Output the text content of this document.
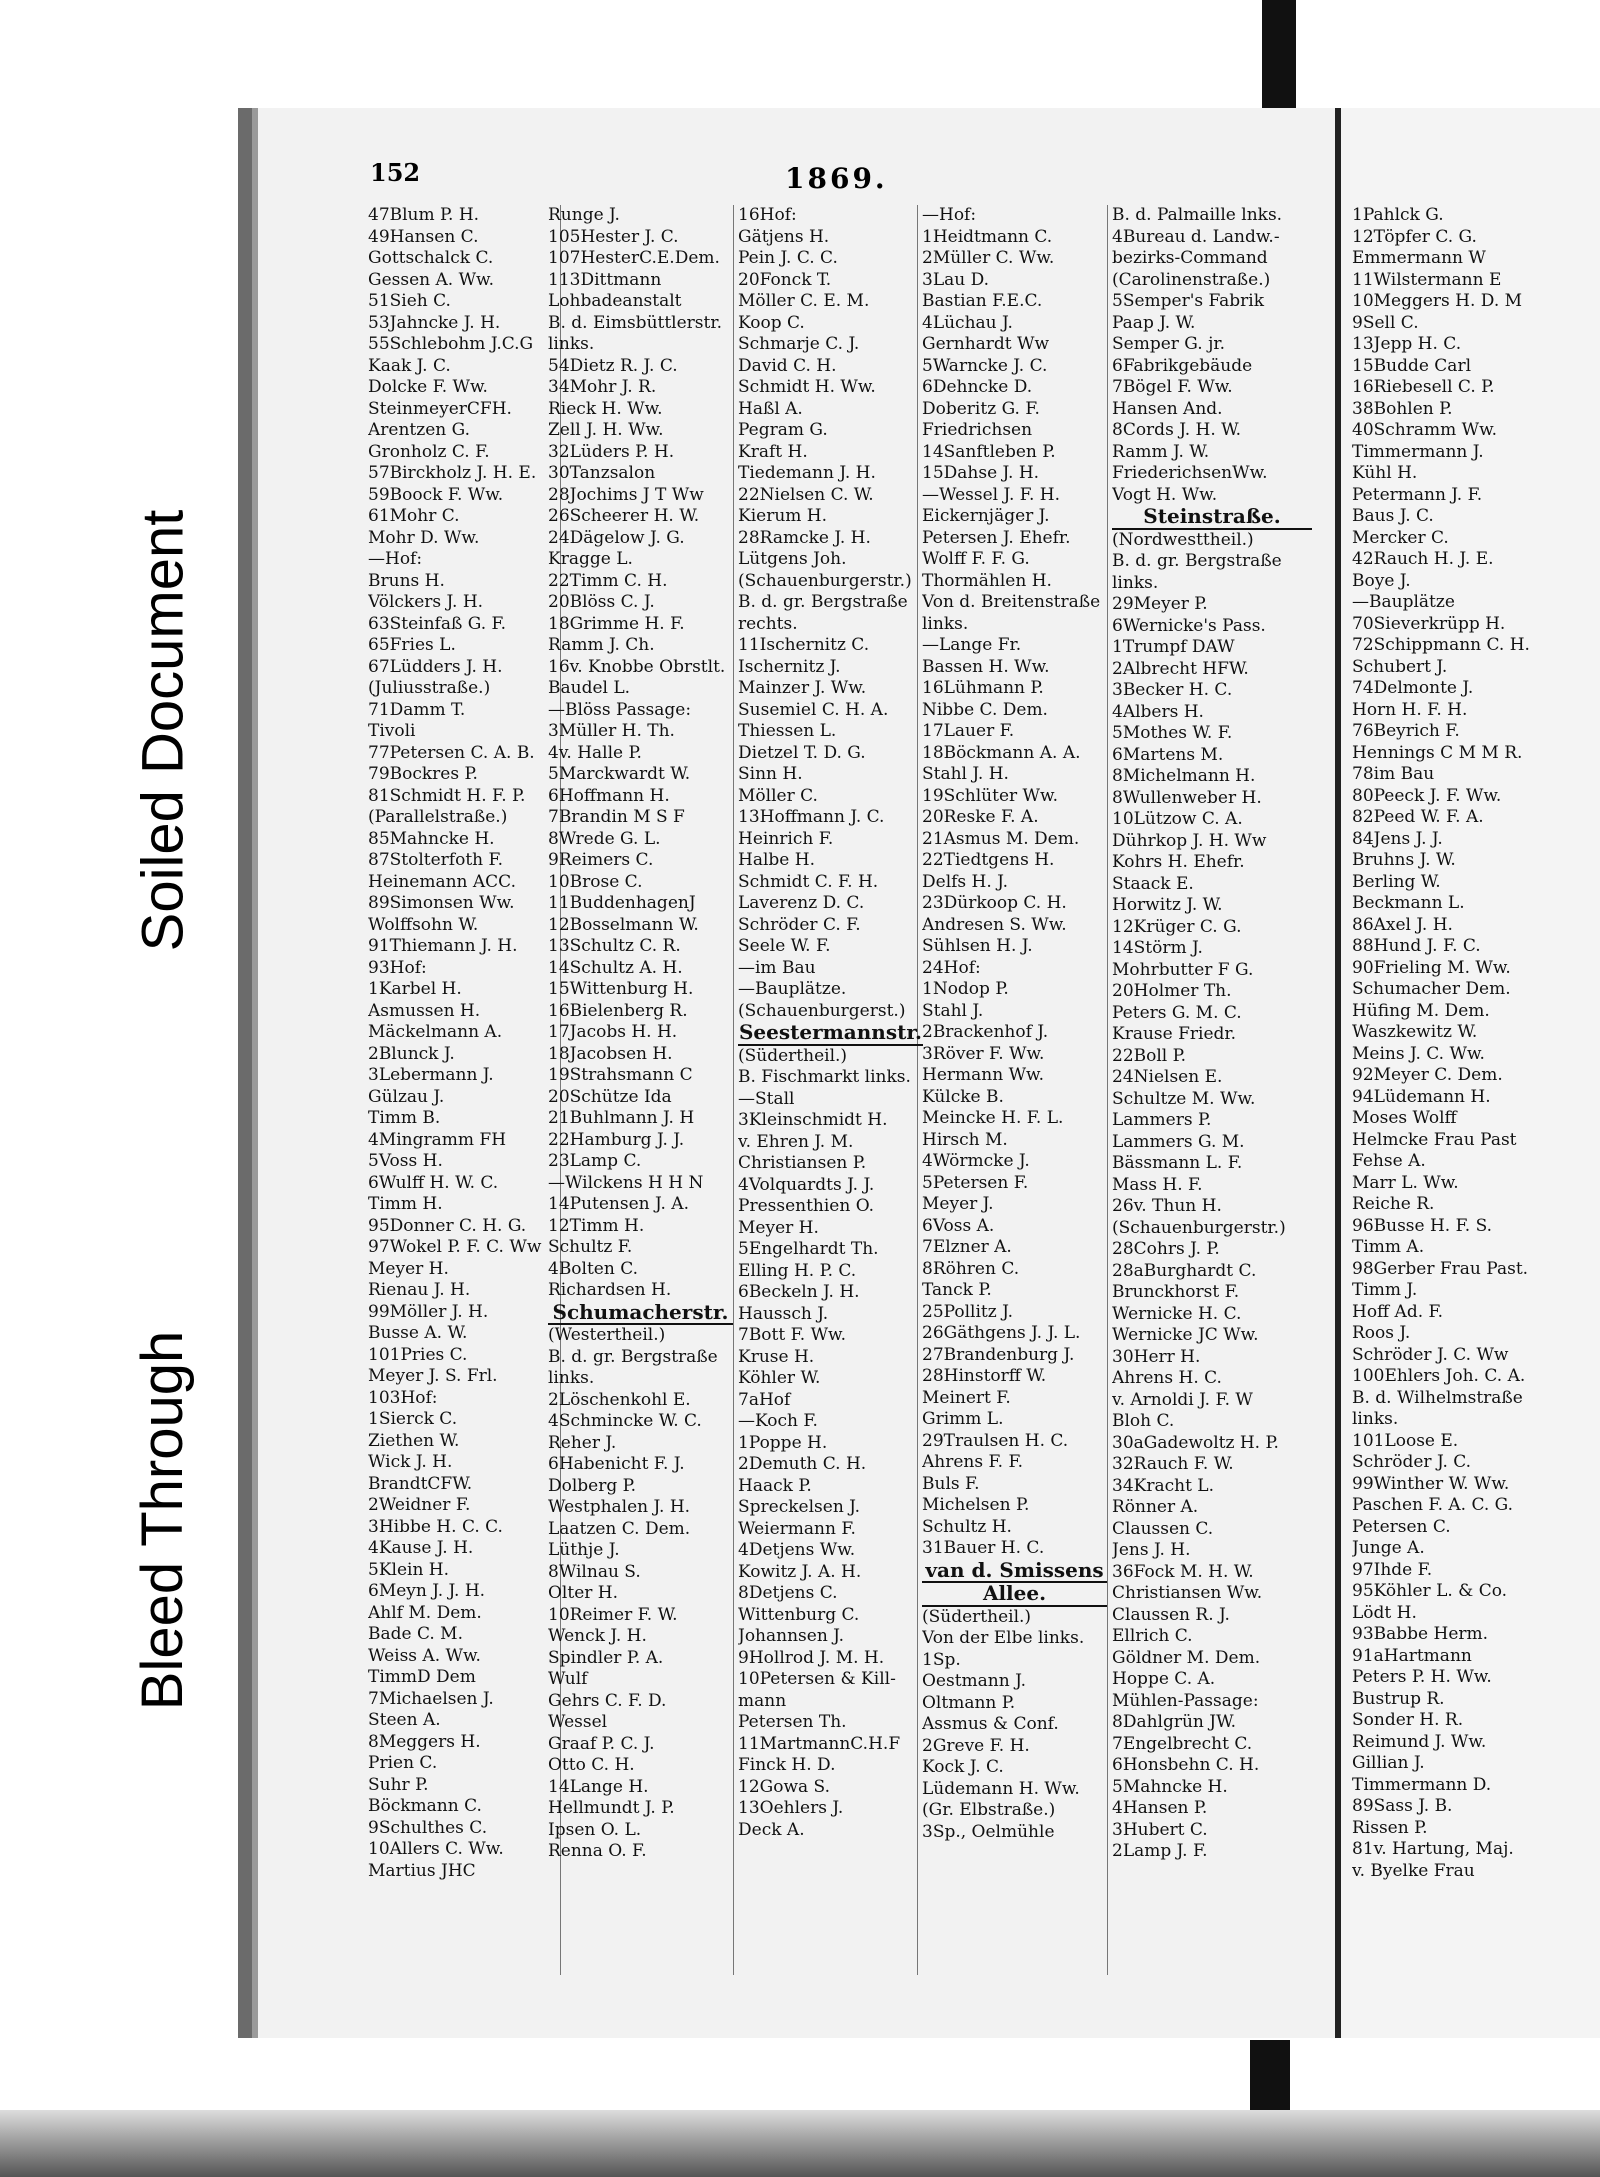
Soiled Document
Bleed Through
152	1869.
47Blum P. H.
49Hansen C.
Gottschalck C.
Gessen A. Ww.
51Sieh C.
53Jahncke J. H.
55Schlebohm J.C.G
Kaak J. C.
Dolcke F. Ww.
SteinmeyerCFH.
Arentzen G.
Gronholz C. F.
57Birckholz J. H. E.
59Boock F. Ww.
61Mohr C.
Mohr D. Ww.
—Hof:
Bruns H.
Völckers J. H.
63Steinfaß G. F.
65Fries L.
67Lüdders J. H.
(Juliusstraße.)
71Damm T.
Tivoli
77Petersen C. A. B.
79Bockres P.
81Schmidt H. F. P.
(Parallelstraße.)
85Mahncke H.
87Stolterfoth F.
Heinemann ACC.
89Simonsen Ww.
Wolffsohn W.
91Thiemann J. H.
93Hof:
1Karbel H.
Asmussen H.
Mäckelmann A.
2Blunck J.
3Lebermann J.
Gülzau J.
Timm B.
4Mingramm FH
5Voss H.
6Wulff H. W. C.
Timm H.
95Donner C. H. G.
97Wokel P. F. C. Ww
Meyer H.
Rienau J. H.
99Möller J. H.
Busse A. W.
101Pries C.
Meyer J. S. Frl.
103Hof:
1Sierck C.
Ziethen W.
Wick J. H.
BrandtCFW.
2Weidner F.
3Hibbe H. C. C.
4Kause J. H.
5Klein H.
6Meyn J. J. H.
Ahlf M. Dem.
Bade C. M.
Weiss A. Ww.
TimmD Dem
7Michaelsen J.
Steen A.
8Meggers H.
Prien C.
Suhr P.
Böckmann C.
9Schulthes C.
10Allers C. Ww.
Martius JHC
Runge J.
105Hester J. C.
107HesterC.E.Dem.
113Dittmann
Lohbadeanstalt
B. d. Eimsbüttlerstr.
links.
54Dietz R. J. C.
34Mohr J. R.
Rieck H. Ww.
Zell J. H. Ww.
32Lüders P. H.
30Tanzsalon
28Jochims J T Ww
26Scheerer H. W.
24Dägelow J. G.
Kragge L.
22Timm C. H.
20Blöss C. J.
18Grimme H. F.
Ramm J. Ch.
16v. Knobbe Obrstlt.
Baudel L.
—Blöss Passage:
3Müller H. Th.
4v. Halle P.
5Marckwardt W.
6Hoffmann H.
7Brandin M S F
8Wrede G. L.
9Reimers C.
10Brose C.
11BuddenhagenJ
12Bosselmann W.
13Schultz C. R.
14Schultz A. H.
15Wittenburg H.
16Bielenberg R.
17Jacobs H. H.
18Jacobsen H.
19Strahsmann C
20Schütze Ida
21Buhlmann J. H
22Hamburg J. J.
23Lamp C.
—Wilckens H H N
14Putensen J. A.
12Timm H.
Schultz F.
4Bolten C.
Richardsen H.
Schumacherstr.
(Westertheil.)
B. d. gr. Bergstraße
links.
2Löschenkohl E.
4Schmincke W. C.
Reher J.
6Habenicht F. J.
Dolberg P.
Westphalen J. H.
Laatzen C. Dem.
Lüthje J.
8Wilnau S.
Olter H.
10Reimer F. W.
Wenck J. H.
Spindler P. A.
Wulf
Gehrs C. F. D.
Wessel
Graaf P. C. J.
Otto C. H.
14Lange H.
Hellmundt J. P.
Ipsen O. L.
Renna O. F.
16Hof:
Gätjens H.
Pein J. C. C.
20Fonck T.
Möller C. E. M.
Koop C.
Schmarje C. J.
David C. H.
Schmidt H. Ww.
Haßl A.
Pegram G.
Kraft H.
Tiedemann J. H.
22Nielsen C. W.
Kierum H.
28Ramcke J. H.
Lütgens Joh.
(Schauenburgerstr.)
B. d. gr. Bergstraße
rechts.
11Ischernitz C.
Ischernitz J.
Mainzer J. Ww.
Susemiel C. H. A.
Thiessen L.
Dietzel T. D. G.
Sinn H.
Möller C.
13Hoffmann J. C.
Heinrich F.
Halbe H.
Schmidt C. F. H.
Laverenz D. C.
Schröder C. F.
Seele W. F.
—im Bau
—Bauplätze.
(Schauenburgerst.)
Seestermannstr.
(Südertheil.)
B. Fischmarkt links.
—Stall
3Kleinschmidt H.
v. Ehren J. M.
Christiansen P.
4Volquardts J. J.
Pressenthien O.
Meyer H.
5Engelhardt Th.
Elling H. P. C.
6Beckeln J. H.
Haussch J.
7Bott F. Ww.
Kruse H.
Köhler W.
7aHof
—Koch F.
1Poppe H.
2Demuth C. H.
Haack P.
Spreckelsen J.
Weiermann F.
4Detjens Ww.
Kowitz J. A. H.
8Detjens C.
Wittenburg C.
Johannsen J.
9Hollrod J. M. H.
10Petersen & Kill-
mann
Petersen Th.
11MartmannC.H.F
Finck H. D.
12Gowa S.
13Oehlers J.
Deck A.
—Hof:
1Heidtmann C.
2Müller C. Ww.
3Lau D.
Bastian F.E.C.
4Lüchau J.
Gernhardt Ww
5Warncke J. C.
6Dehncke D.
Doberitz G. F.
Friedrichsen
14Sanftleben P.
15Dahse J. H.
—Wessel J. F. H.
Eickernjäger J.
Petersen J. Ehefr.
Wolff F. F. G.
Thormählen H.
Von d. Breitenstraße
links.
—Lange Fr.
Bassen H. Ww.
16Lühmann P.
Nibbe C. Dem.
17Lauer F.
18Böckmann A. A.
Stahl J. H.
19Schlüter Ww.
20Reske F. A.
21Asmus M. Dem.
22Tiedtgens H.
Delfs H. J.
23Dürkoop C. H.
Andresen S. Ww.
Sühlsen H. J.
24Hof:
1Nodop P.
Stahl J.
2Brackenhof J.
3Röver F. Ww.
Hermann Ww.
Külcke B.
Meincke H. F. L.
Hirsch M.
4Wörmcke J.
5Petersen F.
Meyer J.
6Voss A.
7Elzner A.
8Röhren C.
Tanck P.
25Pollitz J.
26Gäthgens J. J. L.
27Brandenburg J.
28Hinstorff W.
Meinert F.
Grimm L.
29Traulsen H. C.
Ahrens F. F.
Buls F.
Michelsen P.
Schultz H.
31Bauer H. C.
van d. Smissens
Allee.
(Südertheil.)
Von der Elbe links.
1Sp.
Oestmann J.
Oltmann P.
Assmus & Conf.
2Greve F. H.
Kock J. C.
Lüdemann H. Ww.
(Gr. Elbstraße.)
3Sp., Oelmühle
B. d. Palmaille lnks.
4Bureau d. Landw.-
bezirks-Command
(Carolinenstraße.)
5Semper's Fabrik
Paap J. W.
Semper G. jr.
6Fabrikgebäude
7Bögel F. Ww.
Hansen And.
8Cords J. H. W.
Ramm J. W.
FriederichsenWw.
Vogt H. Ww.
Steinstraße.
(Nordwesttheil.)
B. d. gr. Bergstraße
links.
29Meyer P.
6Wernicke's Pass.
1Trumpf DAW
2Albrecht HFW.
3Becker H. C.
4Albers H.
5Mothes W. F.
6Martens M.
8Michelmann H.
8Wullenweber H.
10Lützow C. A.
Dührkop J. H. Ww
Kohrs H. Ehefr.
Staack E.
Horwitz J. W.
12Krüger C. G.
14Störm J.
Mohrbutter F G.
20Holmer Th.
Peters G. M. C.
Krause Friedr.
22Boll P.
24Nielsen E.
Schultze M. Ww.
Lammers P.
Lammers G. M.
Bässmann L. F.
Mass H. F.
26v. Thun H.
(Schauenburgerstr.)
28Cohrs J. P.
28aBurghardt C.
Brunckhorst F.
Wernicke H. C.
Wernicke JC Ww.
30Herr H.
Ahrens H. C.
v. Arnoldi J. F. W
Bloh C.
30aGadewoltz H. P.
32Rauch F. W.
34Kracht L.
Rönner A.
Claussen C.
Jens J. H.
36Fock M. H. W.
Christiansen Ww.
Claussen R. J.
Ellrich C.
Göldner M. Dem.
Hoppe C. A.
Mühlen-Passage:
8Dahlgrün JW.
7Engelbrecht C.
6Honsbehn C. H.
5Mahncke H.
4Hansen P.
3Hubert C.
2Lamp J. F.
1Pahlck G.
12Töpfer C. G.
Emmermann W
11Wilstermann E
10Meggers H. D. M
9Sell C.
13Jepp H. C.
15Budde Carl
16Riebesell C. P.
38Bohlen P.
40Schramm Ww.
Timmermann J.
Kühl H.
Petermann J. F.
Baus J. C.
Mercker C.
42Rauch H. J. E.
Boye J.
—Bauplätze
70Sieverkrüpp H.
72Schippmann C. H.
Schubert J.
74Delmonte J.
Horn H. F. H.
76Beyrich F.
Hennings C M M R.
78im Bau
80Peeck J. F. Ww.
82Peed W. F. A.
84Jens J. J.
Bruhns J. W.
Berling W.
Beckmann L.
86Axel J. H.
88Hund J. F. C.
90Frieling M. Ww.
Schumacher Dem.
Hüfing M. Dem.
Waszkewitz W.
Meins J. C. Ww.
92Meyer C. Dem.
94Lüdemann H.
Moses Wolff
Helmcke Frau Past
Fehse A.
Marr L. Ww.
Reiche R.
96Busse H. F. S.
Timm A.
98Gerber Frau Past.
Timm J.
Hoff Ad. F.
Roos J.
Schröder J. C. Ww
100Ehlers Joh. C. A.
B. d. Wilhelmstraße
links.
101Loose E.
Schröder J. C.
99Winther W. Ww.
Paschen F. A. C. G.
Petersen C.
Junge A.
97Ihde F.
95Köhler L. & Co.
Lödt H.
93Babbe Herm.
91aHartmann
Peters P. H. Ww.
Bustrup R.
Sonder H. R.
Reimund J. Ww.
Gillian J.
Timmermann D.
89Sass J. B.
Rissen P.
81v. Hartung, Maj.
v. Byelke Frau
